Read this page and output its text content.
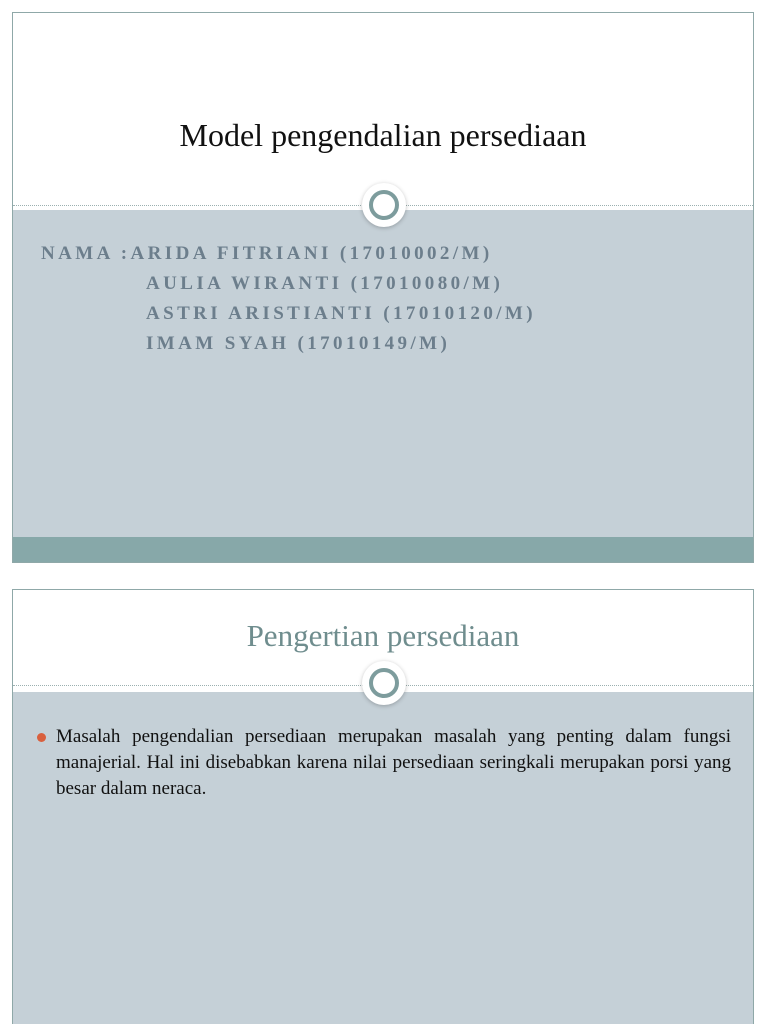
Model pengendalian persediaan
NAMA :ARIDA FITRIANI (17010002/M)
AULIA WIRANTI (17010080/M)
ASTRI ARISTIANTI (17010120/M)
IMAM SYAH (17010149/M)
Pengertian persediaan
Masalah pengendalian persediaan merupakan masalah yang penting dalam fungsi manajerial. Hal ini disebabkan karena nilai persediaan seringkali merupakan porsi yang besar dalam neraca.
